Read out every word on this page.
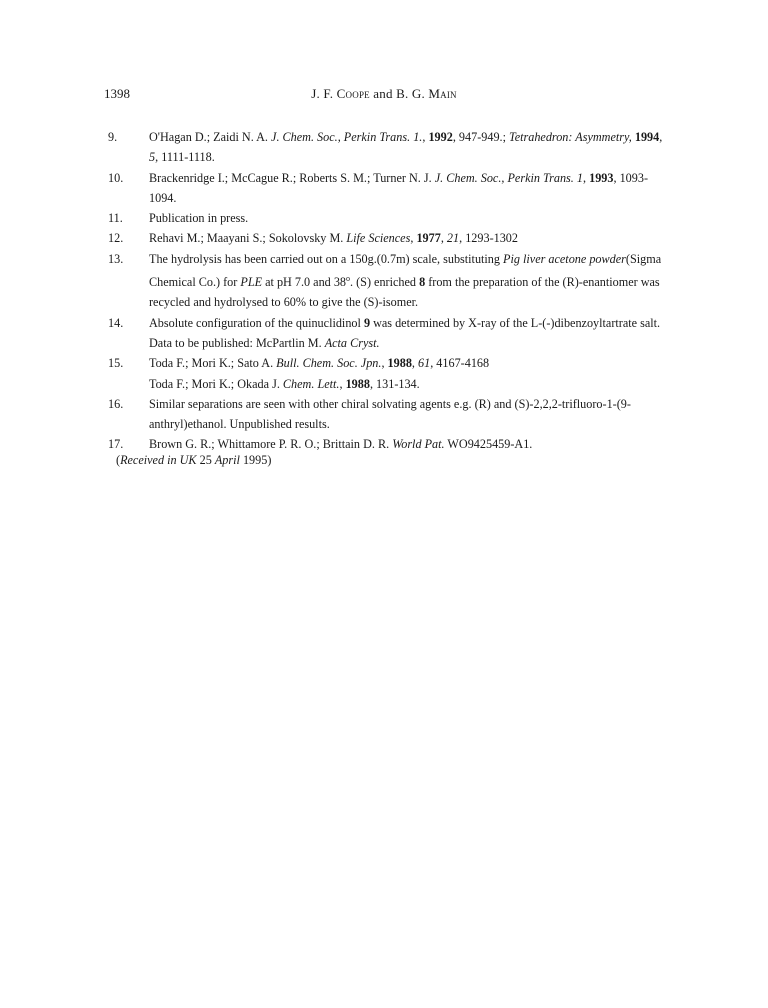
1398	J. F. Coope and B. G. Main
9.	O'Hagan D.; Zaidi N. A. J. Chem. Soc., Perkin Trans. 1., 1992, 947-949.; Tetrahedron: Asymmetry, 1994, 5, 1111-1118.
10.	Brackenridge I.; McCague R.; Roberts S. M.; Turner N. J. J. Chem. Soc., Perkin Trans. 1, 1993, 1093-1094.
11.	Publication in press.
12.	Rehavi M.; Maayani S.; Sokolovsky M. Life Sciences, 1977, 21, 1293-1302
13.	The hydrolysis has been carried out on a 150g.(0.7m) scale, substituting Pig liver acetone powder(Sigma Chemical Co.) for PLE at pH 7.0 and 38$^o$. (S) enriched 8 from the preparation of the (R)-enantiomer was recycled and hydrolysed to 60% to give the (S)-isomer.
14.	Absolute configuration of the quinuclidinol 9 was determined by X-ray of the L-(-)dibenzoyltartrate salt. Data to be published: McPartlin M. Acta Cryst.
15.	Toda F.; Mori K.; Sato A. Bull. Chem. Soc. Jpn., 1988, 61, 4167-4168
Toda F.; Mori K.; Okada J. Chem. Lett., 1988, 131-134.
16.	Similar separations are seen with other chiral solvating agents e.g. (R) and (S)-2,2,2-trifluoro-1-(9-anthryl)ethanol. Unpublished results.
17.	Brown G. R.; Whittamore P. R. O.; Brittain D. R. World Pat. WO9425459-A1.
(Received in UK 25 April 1995)
